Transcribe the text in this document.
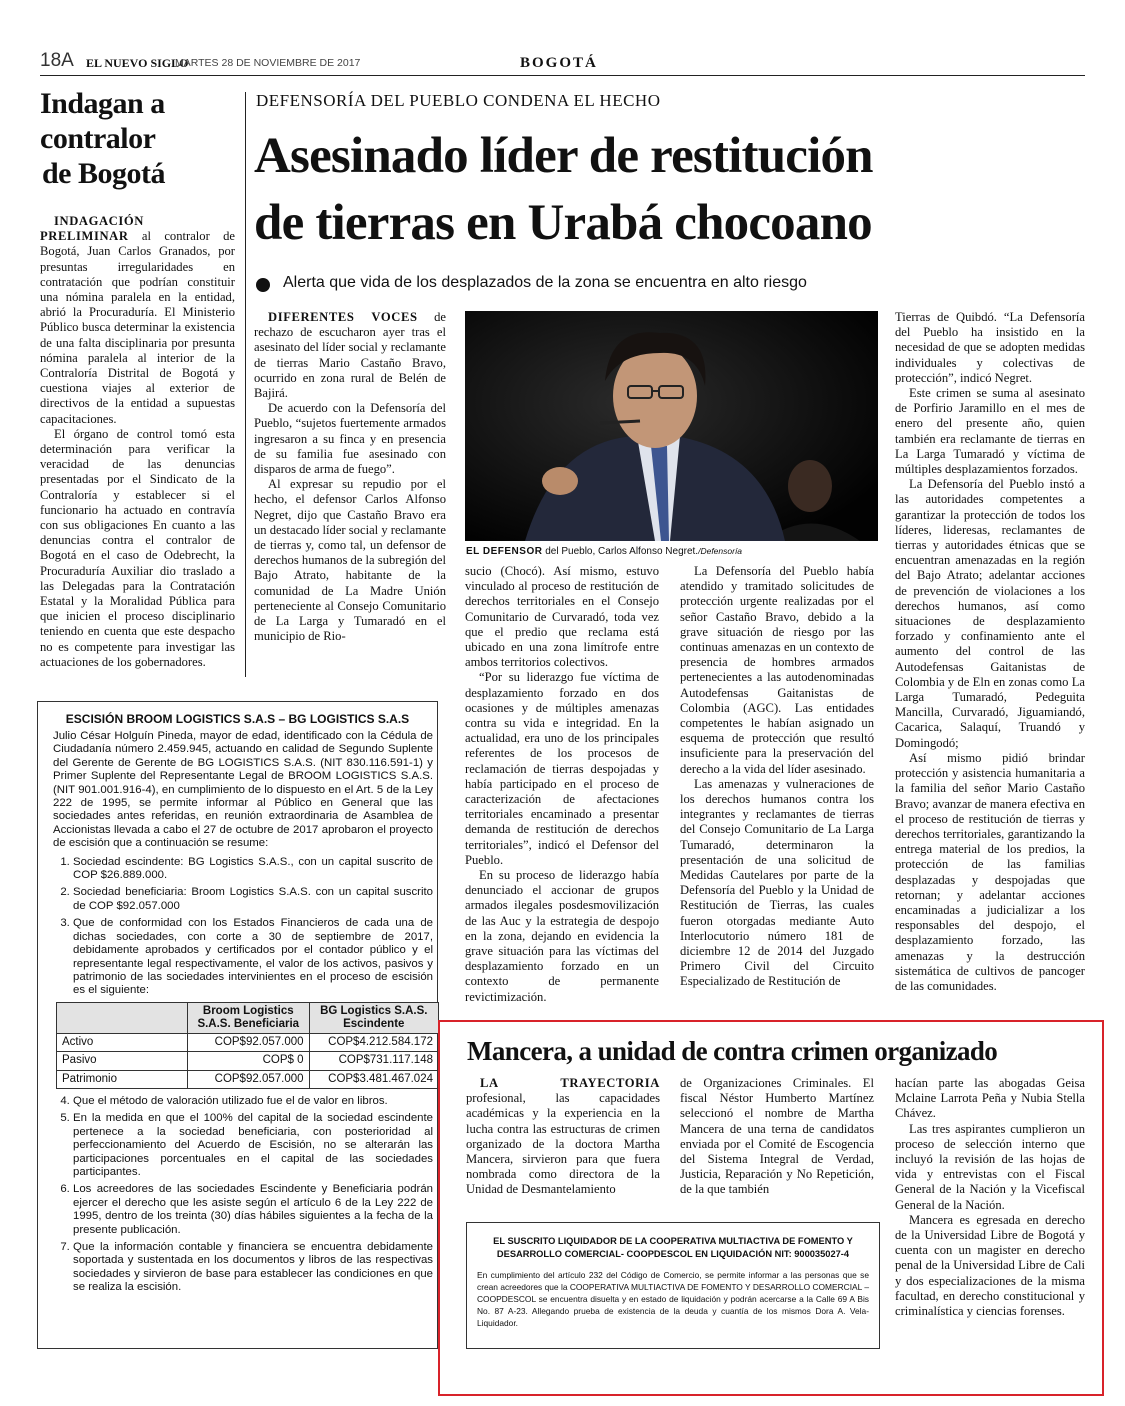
18A EL NUEVO SIGLO
MARTES 28 DE NOVIEMBRE DE 2017	BOGOTÁ
Indagan a
contralor
de Bogotá

INDAGACIÓN PRELIMINAR al contralor de Bogotá, Juan Carlos Granados, por presuntas irregularidades en contratación que podrían constituir una nómina paralela en la entidad, abrió la Procuraduría. El Ministerio Público busca determinar la existencia de una falta disciplinaria por presunta nómina paralela al interior de la Contraloría Distrital de Bogotá y cuestiona viajes al exterior de directivos de la entidad a supuestas capacitaciones.

El órgano de control tomó esta determinación para verificar la veracidad de las denuncias presentadas por el Sindicato de la Contraloría y establecer si el funcionario ha actuado en contravía con sus obligaciones En cuanto a las denuncias contra el contralor de Bogotá en el caso de Odebrecht, la Procuraduría Auxiliar dio traslado a las Delegadas para la Contratación Estatal y la Moralidad Pública para que inicien el proceso disciplinario teniendo en cuenta que este despacho no es competente para investigar las actuaciones de los gobernadores.

DEFENSORÍA DEL PUEBLO CONDENA EL HECHO
Asesinado líder de restitución
de tierras en Urabá chocoano
Alerta que vida de los desplazados de la zona se encuentra en alto riesgo

DIFERENTES VOCES de rechazo de escucharon ayer tras el asesinato del líder social y reclamante de tierras Mario Castaño Bravo, ocurrido en zona rural de Belén de Bajirá.

De acuerdo con la Defensoría del Pueblo, “sujetos fuertemente armados ingresaron a su finca y en presencia de su familia fue asesinado con disparos de arma de fuego”.

Al expresar su repudio por el hecho, el defensor Carlos Alfonso Negret, dijo que Castaño Bravo era un destacado líder social y reclamante de tierras y, como tal, un defensor de derechos humanos de la subregión del Bajo Atrato, habitante de la comunidad de La Madre Unión perteneciente al Consejo Comunitario de La Larga y Tumaradó en el municipio de Rio-

EL DEFENSOR del Pueblo, Carlos Alfonso Negret./Defensoría

sucio (Chocó). Así mismo, estuvo vinculado al proceso de restitución de derechos territoriales en el Consejo Comunitario de Curvaradó, toda vez que el predio que reclama está ubicado en una zona limítrofe entre ambos territorios colectivos.

“Por su liderazgo fue víctima de desplazamiento forzado en dos ocasiones y de múltiples amenazas contra su vida e integridad. En la actualidad, era uno de los principales referentes de los procesos de reclamación de tierras despojadas y había participado en el proceso de caracterización de afectaciones territoriales encaminado a presentar demanda de restitución de derechos territoriales”, indicó el Defensor del Pueblo.

En su proceso de liderazgo había denunciado el accionar de grupos armados ilegales posdesmovilización de las Auc y la estrategia de despojo en la zona, dejando en evidencia la grave situación para las víctimas del desplazamiento forzado en un contexto de permanente revictimización.

La Defensoría del Pueblo había atendido y tramitado solicitudes de protección urgente realizadas por el señor Castaño Bravo, debido a la grave situación de riesgo por las continuas amenazas en un contexto de presencia de hombres armados pertenecientes a las autodenominadas Autodefensas Gaitanistas de Colombia (AGC). Las entidades competentes le habían asignado un esquema de protección que resultó insuficiente para la preservación del derecho a la vida del líder asesinado.

Las amenazas y vulneraciones de los derechos humanos contra los integrantes y reclamantes de tierras del Consejo Comunitario de La Larga Tumaradó, determinaron la presentación de una solicitud de Medidas Cautelares por parte de la Defensoría del Pueblo y la Unidad de Restitución de Tierras, las cuales fueron otorgadas mediante Auto Interlocutorio número 181 de diciembre 12 de 2014 del Juzgado Primero Civil del Circuito Especializado de Restitución de

Tierras de Quibdó. “La Defensoría del Pueblo ha insistido en la necesidad de que se adopten medidas individuales y colectivas de protección”, indicó Negret.

Este crimen se suma al asesinato de Porfirio Jaramillo en el mes de enero del presente año, quien también era reclamante de tierras en La Larga Tumaradó y víctima de múltiples desplazamientos forzados.

La Defensoría del Pueblo instó a las autoridades competentes a garantizar la protección de todos los líderes, lideresas, reclamantes de tierras y autoridades étnicas que se encuentran amenazadas en la región del Bajo Atrato; adelantar acciones de prevención de violaciones a los derechos humanos, así como situaciones de desplazamiento forzado y confinamiento ante el aumento del control de las Autodefensas Gaitanistas de Colombia y de Eln en zonas como La Larga Tumaradó, Pedeguita Mancilla, Curvaradó, Jiguamiandó, Cacarica, Salaquí, Truandó y Domingodó;

Así mismo pidió brindar protección y asistencia humanitaria a la familia del señor Mario Castaño Bravo; avanzar de manera efectiva en el proceso de restitución de tierras y derechos territoriales, garantizando la entrega material de los predios, la protección de las familias desplazadas y despojadas que retornan; y adelantar acciones encaminadas a judicializar a los responsables del despojo, el desplazamiento forzado, las amenazas y la destrucción sistemática de cultivos de pancoger de las comunidades.

ESCISIÓN BROOM LOGISTICS S.A.S – BG LOGISTICS S.A.S
Julio César Holguín Pineda, mayor de edad, identificado con la Cédula de Ciudadanía número 2.459.945, actuando en calidad de Segundo Suplente del Gerente de Gerente de BG LOGISTICS S.A.S. (NIT 830.116.591-1) y Primer Suplente del Representante Legal de BROOM LOGISTICS S.A.S. (NIT 901.001.916-4), en cumplimiento de lo dispuesto en el Art. 5 de la Ley 222 de 1995, se permite informar al Público en General que las sociedades antes referidas, en reunión extraordinaria de Asamblea de Accionistas llevada a cabo el 27 de octubre de 2017 aprobaron el proyecto de escisión que a continuación se resume:
1. Sociedad escindente: BG Logistics S.A.S., con un capital suscrito de COP $26.889.000.
2. Sociedad beneficiaria: Broom Logistics S.A.S. con un capital suscrito de COP $92.057.000
3. Que de conformidad con los Estados Financieros de cada una de dichas sociedades, con corte a 30 de septiembre de 2017, debidamente aprobados y certificados por el contador público y el representante legal respectivamente, el valor de los activos, pasivos y patrimonio de las sociedades intervinientes en el proceso de escisión es el siguiente:
	Broom Logistics S.A.S. Beneficiaria	BG Logistics S.A.S. Escindente
Activo	COP$92.057.000	COP$4.212.584.172
Pasivo	COP$ 0	COP$731.117.148
Patrimonio	COP$92.057.000	COP$3.481.467.024
4. Que el método de valoración utilizado fue el de valor en libros.
5. En la medida en que el 100% del capital de la sociedad escindente pertenece a la sociedad beneficiaria, con posterioridad al perfeccionamiento del Acuerdo de Escisión, no se alterarán las participaciones porcentuales en el capital de las sociedades participantes.
6. Los acreedores de las sociedades Escindente y Beneficiaria podrán ejercer el derecho que les asiste según el artículo 6 de la Ley 222 de 1995, dentro de los treinta (30) días hábiles siguientes a la fecha de la presente publicación.
7. Que la información contable y financiera se encuentra debidamente soportada y sustentada en los documentos y libros de las respectivas sociedades y sirvieron de base para establecer las condiciones en que se realiza la escisión.
Mancera, a unidad de contra crimen organizado

LA TRAYECTORIA profesional, las capacidades académicas y la experiencia en la lucha contra las estructuras de crimen organizado de la doctora Martha Mancera, sirvieron para que fuera nombrada como directora de la Unidad de Desmantelamiento

de Organizaciones Criminales. El fiscal Néstor Humberto Martínez seleccionó el nombre de Martha Mancera de una terna de candidatos enviada por el Comité de Escogencia del Sistema Integral de Verdad, Justicia, Reparación y No Repetición, de la que también

hacían parte las abogadas Geisa Mclaine Larrota Peña y Nubia Stella Chávez.

Las tres aspirantes cumplieron un proceso de selección interno que incluyó la revisión de las hojas de vida y entrevistas con el Fiscal General de la Nación y la Vicefiscal General de la Nación.

Mancera es egresada en derecho de la Universidad Libre de Bogotá y cuenta con un magister en derecho penal de la Universidad Libre de Cali y dos especializaciones de la misma facultad, en derecho constitucional y criminalística y ciencias forenses.

EL SUSCRITO LIQUIDADOR DE LA COOPERATIVA MULTIACTIVA DE FOMENTO Y
DESARROLLO COMERCIAL- COOPDESCOL EN LIQUIDACIÓN NIT: 900035027-4
En cumplimiento del artículo 232 del Código de Comercio, se permite informar a las personas que se crean acreedores que la COOPERATIVA MULTIACTIVA DE FOMENTO Y DESARROLLO COMERCIAL – COOPDESCOL se encuentra disuelta y en estado de liquidación y podrán acercarse a la Calle 69 A Bis No. 87 A-23. Allegando prueba de existencia de la deuda y cuantía de los mismos Dora A. Vela- Liquidador.
